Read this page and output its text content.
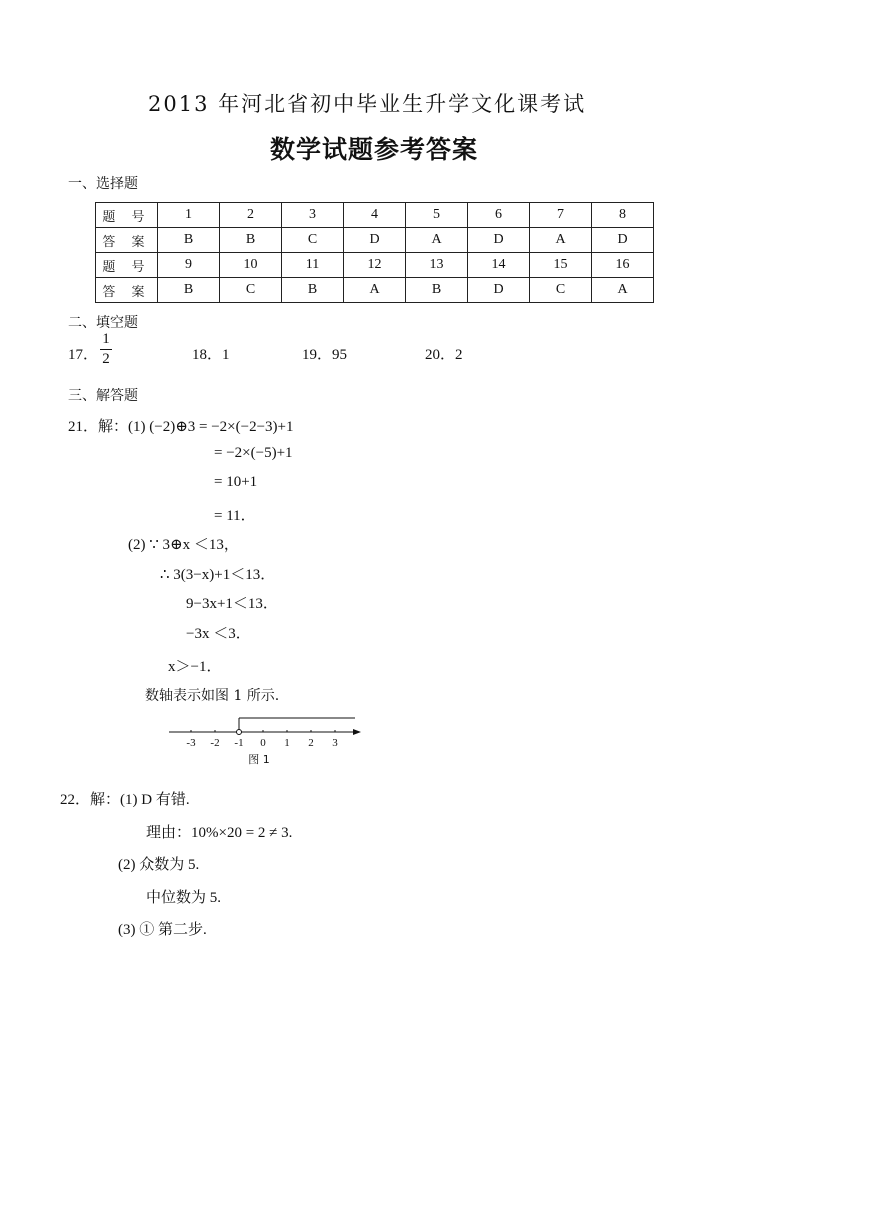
2013 年河北省初中毕业生升学文化课考试
数学试题参考答案
一、选择题
题 号	1	2	3	4	5	6	7	8
答 案	B	B	C	D	A	D	A	D
题 号	9	10	11	12	13	14	15	16
答 案	B	C	B	A	B	D	C	A
二、填空题
17．
1
2	18．1	19．95	20．2
三、解答题
21．解：(1) (−2)⊕3 = −2×(−2−3)+1
= −2×(−5)+1
= 10+1
= 11．
(2) ∵ 3⊕x ＜13，
∴ 3(3−x)+1＜13．
9−3x+1＜13．
−3x ＜3．
x＞−1．
数轴表示如图 1 所示.
-3 -2 -1 0 1 2 3
图 1
22．解：(1) D 有错.
理由：10%×20 = 2 ≠ 3.
(2) 众数为 5.
中位数为 5.
(3) ① 第二步.
